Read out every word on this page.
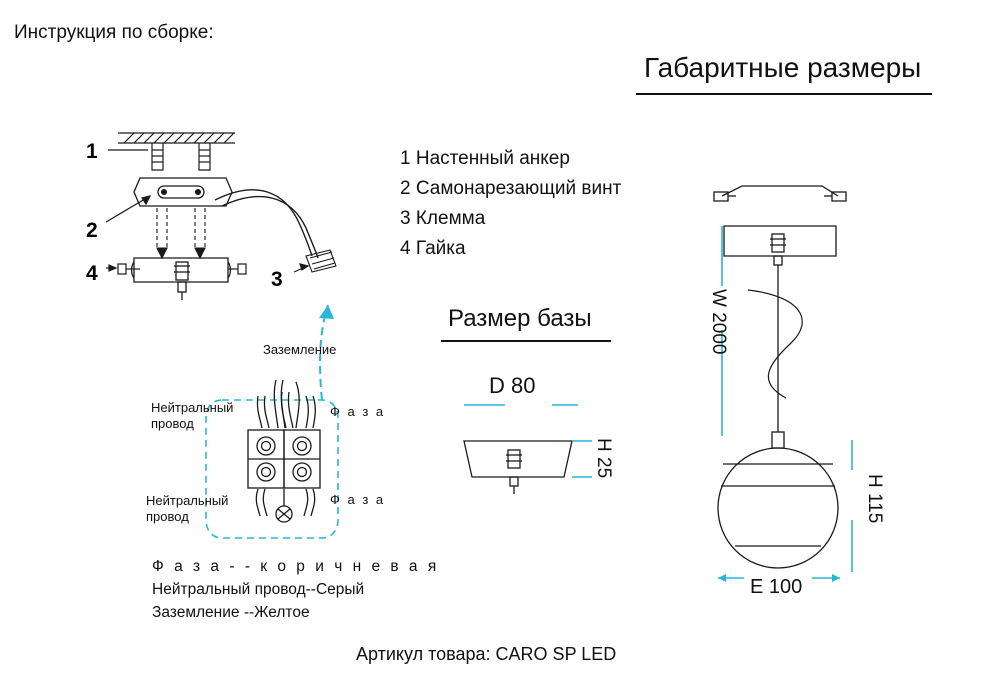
Инструкция по сборке:
Габаритные размеры
Размер базы
1 Настенный анкер
2 Самонарезающий винт
3 Клемма
4 Гайка
1
2
3
4
Заземление
Нейтральный
провод
Ф а з а
Нейтральный
провод
Ф а з а
Ф а з а - - к о р и ч н е в а я
Нейтральный провод--Серый
Заземление --Желтое
D 80
H 25
W 2000
H 115
E 100
Артикул товара: CARO SP LED
